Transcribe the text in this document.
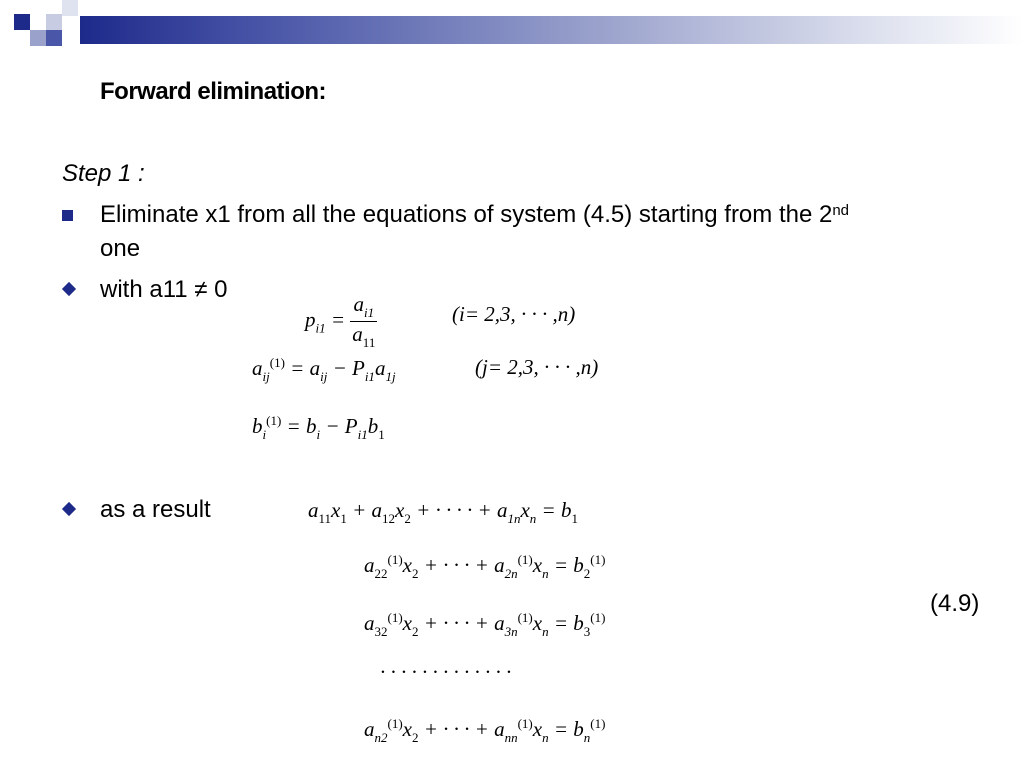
Forward elimination:
Step 1 :
Eliminate x1 from all the equations of system (4.5) starting from the 2nd
one
with a11 ≠ 0
$p_{i1} = \frac{a_{i1}}{a_{11}}$	(i= 2,3, · · · ,n)
$a_{ij}^{(1)} = a_{ij} - P_{i1}a_{1j}$	(j= 2,3, · · · ,n)
$b_i^{(1)} = b_i - P_{i1}b_1$
as a result	$a_{11}x_1 + a_{12}x_2$ + · · · · + $a_{1n}x_n = b_1$
$a_{22}^{(1)}x_2$ + · · · + $a_{2n}^{(1)}x_n = b_2^{(1)}$
$a_{32}^{(1)}x_2$ + · · · + $a_{3n}^{(1)}x_n = b_3^{(1)}$
· · · · · · · · · · · · ·
$a_{n2}^{(1)}x_2$ + · · · + $a_{nn}^{(1)}x_n = b_n^{(1)}$
(4.9)
